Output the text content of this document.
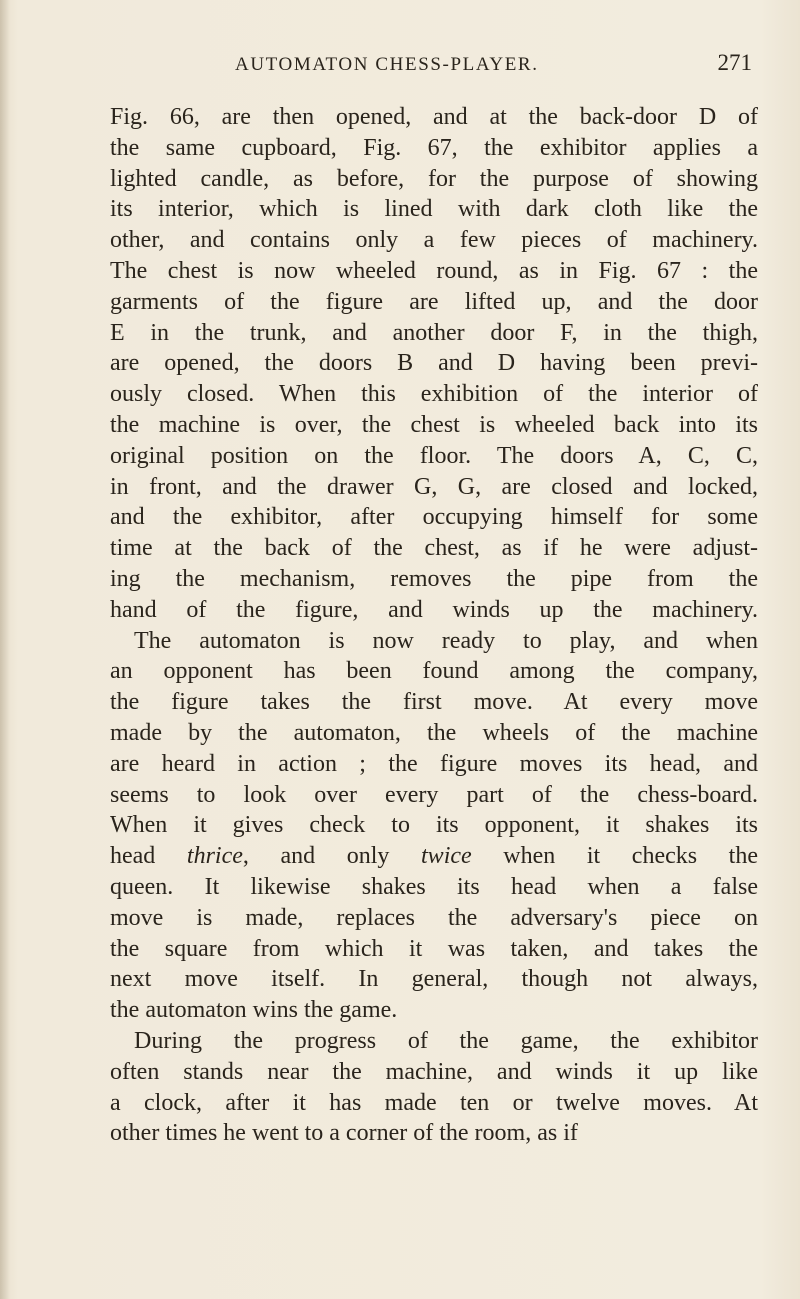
AUTOMATON CHESS-PLAYER.	271
Fig. 66, are then opened, and at the back-door D of
the same cupboard, Fig. 67, the exhibitor applies a
lighted candle, as before, for the purpose of showing
its interior, which is lined with dark cloth like the
other, and contains only a few pieces of machinery.
The chest is now wheeled round, as in Fig. 67 : the
garments of the figure are lifted up, and the door
E in the trunk, and another door F, in the thigh,
are opened, the doors B and D having been previ-
ously closed. When this exhibition of the interior of
the machine is over, the chest is wheeled back into its
original position on the floor. The doors A, C, C,
in front, and the drawer G, G, are closed and locked,
and the exhibitor, after occupying himself for some
time at the back of the chest, as if he were adjust-
ing the mechanism, removes the pipe from the
hand of the figure, and winds up the machinery.
The automaton is now ready to play, and when
an opponent has been found among the company,
the figure takes the first move. At every move
made by the automaton, the wheels of the machine
are heard in action ; the figure moves its head, and
seems to look over every part of the chess-board.
When it gives check to its opponent, it shakes its
head thrice, and only twice when it checks the
queen. It likewise shakes its head when a false
move is made, replaces the adversary's piece on
the square from which it was taken, and takes the
next move itself. In general, though not always,
the automaton wins the game.
During the progress of the game, the exhibitor
often stands near the machine, and winds it up like
a clock, after it has made ten or twelve moves. At
other times he went to a corner of the room, as if
